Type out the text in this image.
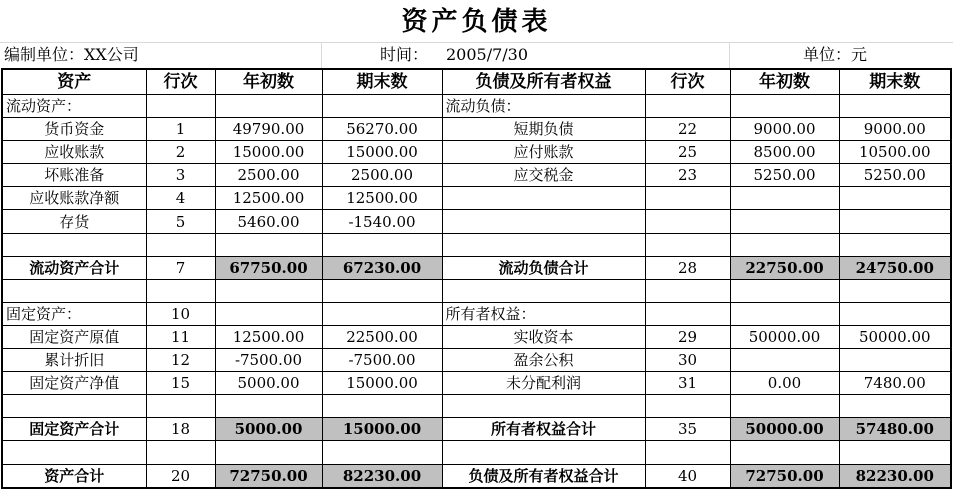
资产负债表
编制单位：XX公司	时间： 2005/7/30	单位：元
资产	行次	年初数	期末数	负债及所有者权益	行次	年初数	期末数
流动资产：				流动负债：			
货币资金	1	49790.00	56270.00	短期负债	22	9000.00	9000.00
应收账款	2	15000.00	15000.00	应付账款	25	8500.00	10500.00
坏账准备	3	2500.00	2500.00	应交税金	23	5250.00	5250.00
应收账款净额	4	12500.00	12500.00				
存货	5	5460.00	-1540.00				

流动资产合计	7	67750.00	67230.00	流动负债合计	28	22750.00	24750.00

固定资产：	10			所有者权益：			
固定资产原值	11	12500.00	22500.00	实收资本	29	50000.00	50000.00
累计折旧	12	-7500.00	-7500.00	盈余公积	30		
固定资产净值	15	5000.00	15000.00	未分配利润	31	0.00	7480.00

固定资产合计	18	5000.00	15000.00	所有者权益合计	35	50000.00	57480.00

资产合计	20	72750.00	82230.00	负债及所有者权益合计	40	72750.00	82230.00
